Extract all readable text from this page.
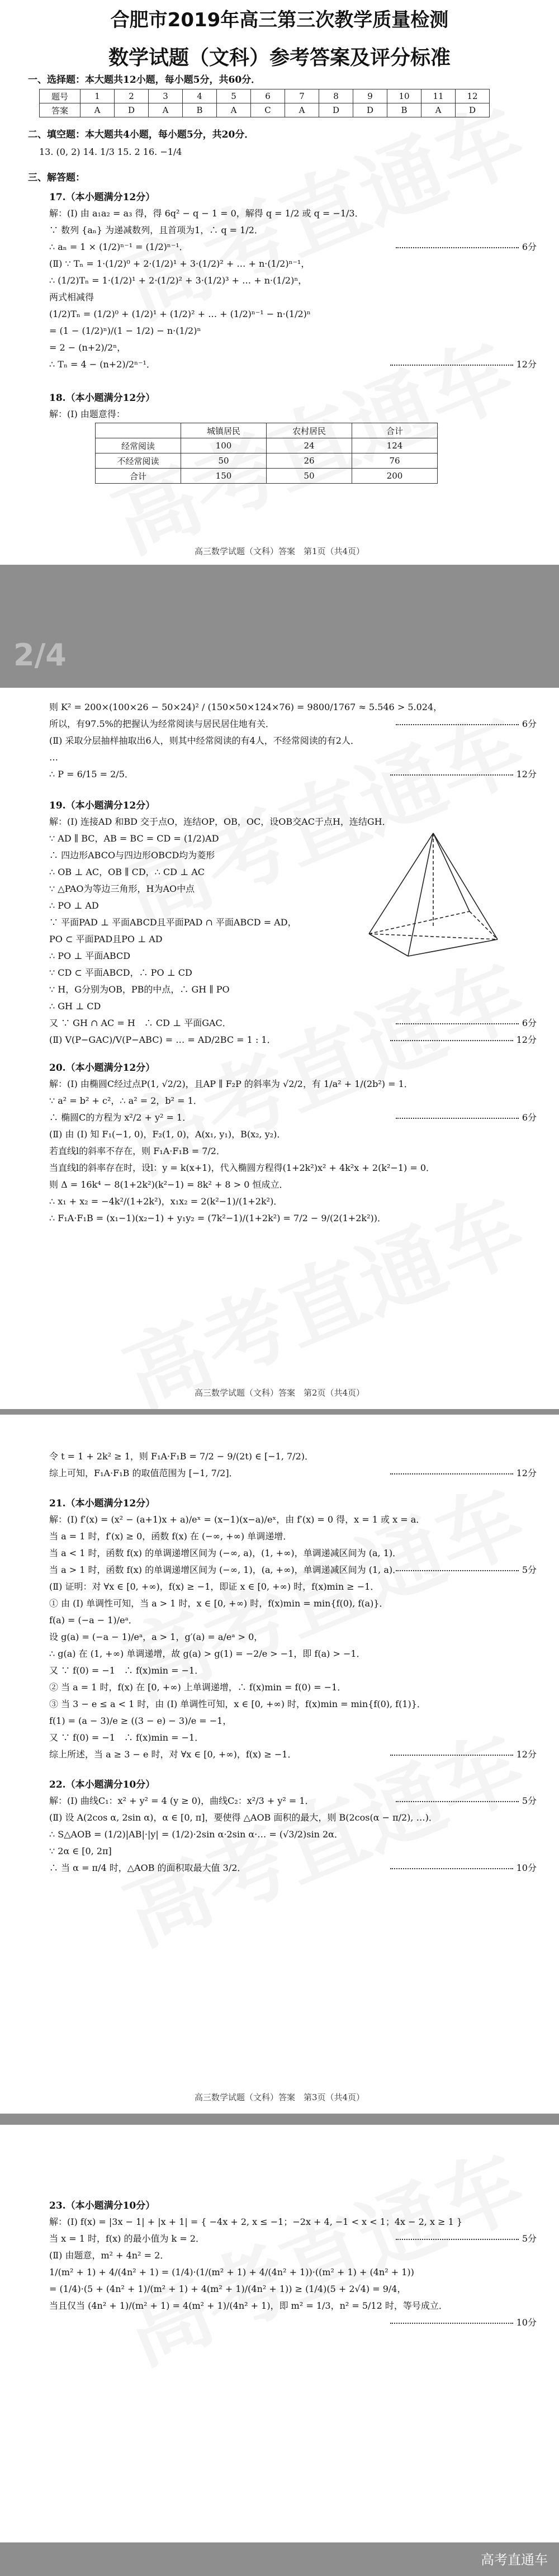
合肥市2019年高三第三次教学质量检测
数学试题（文科）参考答案及评分标准
一、选择题：本大题共12小题，每小题5分，共60分．
题号	1	2	3	4	5	6	7	8	9	10	11	12
答案	A	D	A	B	A	C	A	D	D	B	A	D
二、填空题：本大题共4小题，每小题5分，共20分．
13. (0, 2) 14. 1/3 15. 2 16. −1/4
三、解答题：
17.（本小题满分12分）
解：(Ⅰ) 由 a₁a₂ = a₃ 得，得 6q² − q − 1 = 0，解得 q = 1/2 或 q = −1/3．
∵ 数列 {aₙ} 为递减数列，且首项为1，∴ q = 1/2．
∴ aₙ = 1 × (1/2)ⁿ⁻¹ = (1/2)ⁿ⁻¹．	6分
(Ⅱ) ∵ Tₙ = 1·(1/2)⁰ + 2·(1/2)¹ + 3·(1/2)² + … + n·(1/2)ⁿ⁻¹，
∴ (1/2)Tₙ = 1·(1/2)¹ + 2·(1/2)² + 3·(1/2)³ + … + n·(1/2)ⁿ，
两式相减得
(1/2)Tₙ = (1/2)⁰ + (1/2)¹ + (1/2)² + … + (1/2)ⁿ⁻¹ − n·(1/2)ⁿ
= (1 − (1/2)ⁿ)/(1 − 1/2) − n·(1/2)ⁿ
= 2 − (n+2)/2ⁿ，
∴ Tₙ = 4 − (n+2)/2ⁿ⁻¹．	12分
18.（本小题满分12分）
解：(Ⅰ) 由题意得：
	城镇居民	农村居民	合计
经常阅读	100	24	124
不经常阅读	50	26	76
合计	150	50	200
高三数学试题（文科）答案　第1页（共4页）
2/4
则 K² = 200×(100×26 − 50×24)² / (150×50×124×76) = 9800/1767 ≈ 5.546 > 5.024，
所以，有97.5%的把握认为经常阅读与居民居住地有关．	6分
(Ⅱ) 采取分层抽样抽取出6人，则其中经常阅读的有4人，不经常阅读的有2人．
…
∴ P = 6/15 = 2/5．	12分
19.（本小题满分12分）
解：(Ⅰ) 连接AD 和BD 交于点O，连结OP，OB，OC，设OB交AC于点H，连结GH．
∵ AD ∥ BC，AB = BC = CD = (1/2)AD
∴ 四边形ABCO与四边形OBCD均为菱形
∴ OB ⊥ AC，OB ∥ CD，∴ CD ⊥ AC
∵ △PAO为等边三角形，H为AO中点
∴ PO ⊥ AD
∵ 平面PAD ⊥ 平面ABCD且平面PAD ∩ 平面ABCD = AD，
PO ⊂ 平面PAD且PO ⊥ AD
∴ PO ⊥ 平面ABCD
∵ CD ⊂ 平面ABCD，∴ PO ⊥ CD
∵ H，G分别为OB，PB的中点，∴ GH ∥ PO
∴ GH ⊥ CD
又 ∵ GH ∩ AC = H　∴ CD ⊥ 平面GAC．	6分
(Ⅱ) V(P−GAC)/V(P−ABC) = … = AD/2BC = 1 : 1．	12分
20.（本小题满分12分）
解：(Ⅰ) 由椭圆C经过点P(1, √2/2)，且AP ∥ F₂P 的斜率为 √2/2，有 1/a² + 1/(2b²) = 1．
∵ a² = b² + c²，∴ a² = 2，b² = 1．
∴ 椭圆C的方程为 x²/2 + y² = 1．	6分
(Ⅱ) 由 (Ⅰ) 知 F₁(−1, 0)，F₂(1, 0)，A(x₁, y₁)，B(x₂, y₂)．
若直线l的斜率不存在，则 F₁A·F₁B = 7/2．
当直线l的斜率存在时，设l：y = k(x+1)，代入椭圆方程得(1+2k²)x² + 4k²x + 2(k²−1) = 0．
则 Δ = 16k⁴ − 8(1+2k²)(k²−1) = 8k² + 8 > 0 恒成立．
∴ x₁ + x₂ = −4k²/(1+2k²)，x₁x₂ = 2(k²−1)/(1+2k²)．
∴ F₁A·F₁B = (x₁−1)(x₂−1) + y₁y₂ = (7k²−1)/(1+2k²) = 7/2 − 9/(2(1+2k²))．
高三数学试题（文科）答案　第2页（共4页）
令 t = 1 + 2k² ≥ 1，则 F₁A·F₁B = 7/2 − 9/(2t) ∈ [−1, 7/2)．
综上可知，F₁A·F₁B 的取值范围为 [−1, 7/2]．	12分
21.（本小题满分12分）
解：(Ⅰ) f′(x) = (x² − (a+1)x + a)/eˣ = (x−1)(x−a)/eˣ，由 f′(x) = 0 得，x = 1 或 x = a．
当 a = 1 时，f′(x) ≥ 0，函数 f(x) 在 (−∞, +∞) 单调递增．
当 a < 1 时，函数 f(x) 的单调递增区间为 (−∞, a)，(1, +∞)，单调递减区间为 (a, 1)．
当 a > 1 时，函数 f(x) 的单调递增区间为 (−∞, 1)，(a, +∞)，单调递减区间为 (1, a)．	5分
(Ⅱ) 证明：对 ∀x ∈ [0, +∞)，f(x) ≥ −1，即证 x ∈ [0, +∞) 时，f(x)min ≥ −1．
① 由 (Ⅰ) 单调性可知，当 a > 1 时，x ∈ [0, +∞) 时，f(x)min = min{f(0), f(a)}．
f(a) = (−a − 1)/eᵃ．
设 g(a) = (−a − 1)/eᵃ，a > 1，g′(a) = a/eᵃ > 0，
∴ g(a) 在 (1, +∞) 单调递增，故 g(a) > g(1) = −2/e > −1，即 f(a) > −1．
又 ∵ f(0) = −1　∴ f(x)min = −1．
② 当 a = 1 时，f(x) 在 [0, +∞) 上单调递增，∴ f(x)min = f(0) = −1．
③ 当 3 − e ≤ a < 1 时，由 (Ⅰ) 单调性可知，x ∈ [0, +∞) 时，f(x)min = min{f(0), f(1)}．
f(1) = (a − 3)/e ≥ ((3 − e) − 3)/e = −1，
又 ∵ f(0) = −1　∴ f(x)min = −1．
综上所述，当 a ≥ 3 − e 时，对 ∀x ∈ [0, +∞)，f(x) ≥ −1．	12分
22.（本小题满分10分）
解：(Ⅰ) 曲线C₁：x² + y² = 4 (y ≥ 0)，曲线C₂：x²/3 + y² = 1．	5分
(Ⅱ) 设 A(2cos α, 2sin α)，α ∈ [0, π]，要使得 △AOB 面积的最大，则 B(2cos(α − π/2), …)．
∴ S△AOB = (1/2)|AB|·|y| = (1/2)·2sin α·2sin α·… = (√3/2)sin 2α．
∵ 2α ∈ [0, 2π]
∴ 当 α = π/4 时，△AOB 的面积取最大值 3/2．	10分
高三数学试题（文科）答案　第3页（共4页）
23.（本小题满分10分）
解：(Ⅰ) f(x) = |3x − 1| + |x + 1| = { −4x + 2, x ≤ −1；−2x + 4, −1 < x < 1；4x − 2, x ≥ 1 }
当 x = 1 时，f(x) 的最小值为 k = 2．	5分
(Ⅱ) 由题意，m² + 4n² = 2．
1/(m² + 1) + 4/(4n² + 1) = (1/4)·(1/(m² + 1) + 4/(4n² + 1))·((m² + 1) + (4n² + 1))
= (1/4)·(5 + (4n² + 1)/(m² + 1) + 4(m² + 1)/(4n² + 1)) ≥ (1/4)(5 + 2√4) = 9/4，
当且仅当 (4n² + 1)/(m² + 1) = 4(m² + 1)/(4n² + 1)，即 m² = 1/3，n² = 5/12 时，等号成立．
10分
高考直通车
